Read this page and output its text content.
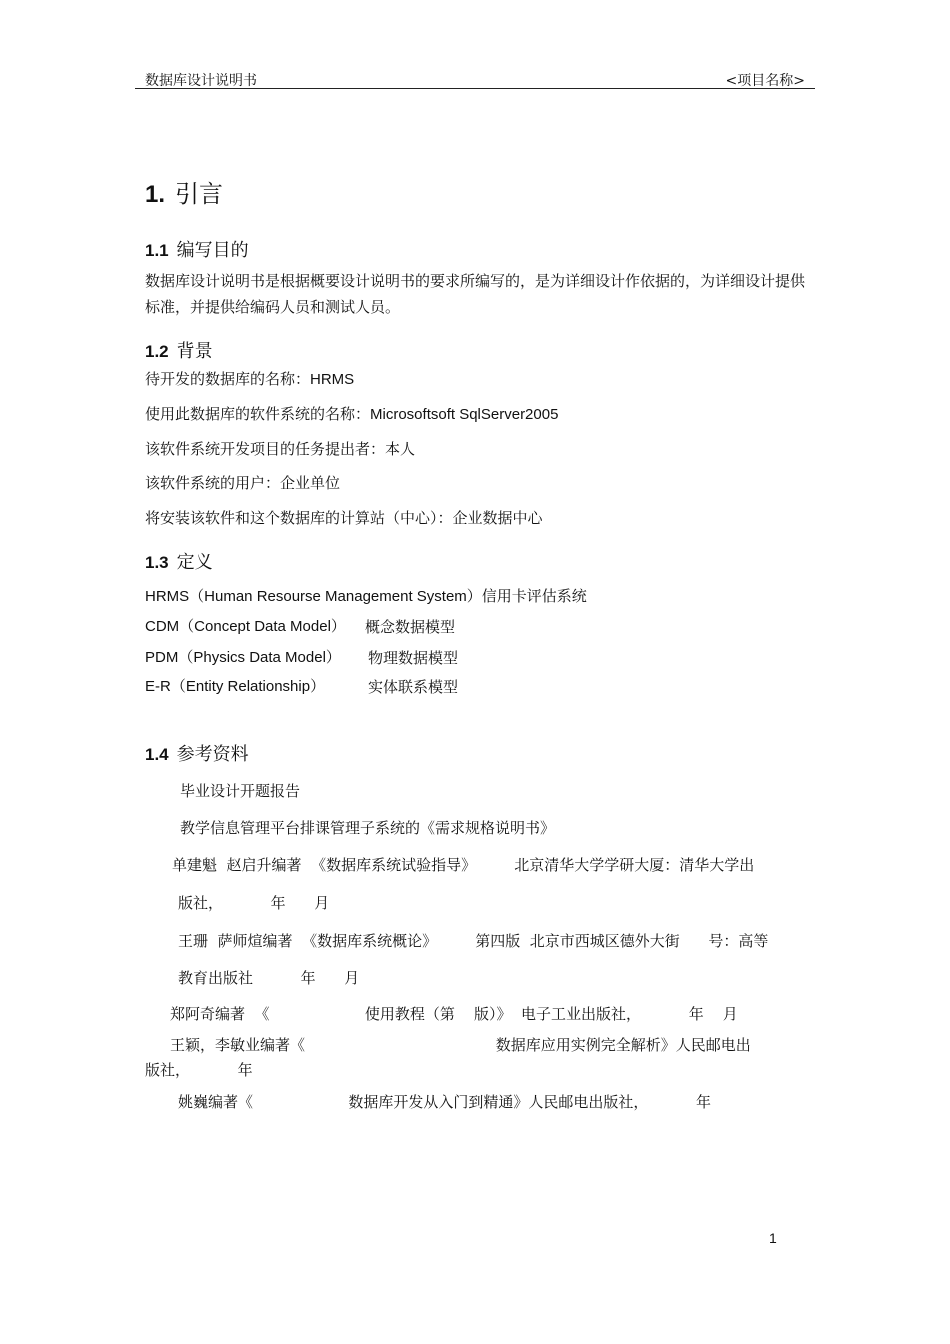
数据库设计说明书	<项目名称>
1. 引言
1.1 编写目的
数据库设计说明书是根据概要设计说明书的要求所编写的，是为详细设计作依据的，为详细设计提供标准，并提供给编码人员和测试人员。
1.2 背景
待开发的数据库的名称：HRMS
使用此数据库的软件系统的名称：Microsoftsoft SqlServer2005
该软件系统开发项目的任务提出者：本人
该软件系统的用户：企业单位
将安装该软件和这个数据库的计算站（中心）：企业数据中心
1.3 定义
HRMS（Human Resourse Management System）信用卡评估系统
CDM（Concept Data Model） 概念数据模型
PDM（Physics Data Model） 物理数据模型
E-R（Entity Relationship）	实体联系模型
1.4 参考资料
毕业设计开题报告
教学信息管理平台排课管理子系统的《需求规格说明书》
单建魁  赵启升编著  《数据库系统试验指导》        北京清华大学学研大厦：清华大学出
版社，          年      月
王珊  萨师煊编著  《数据库系统概论》        第四版  北京市西城区德外大街      号：高等
教育出版社          年      月
郑阿奇编著  《                    使用教程（第    版）》  电子工业出版社，          年    月
王颖，李敏业编著《                                        数据库应用实例完全解析》人民邮电出
版社，          年
姚巍编著《                    数据库开发从入门到精通》人民邮电出版社，          年
1
